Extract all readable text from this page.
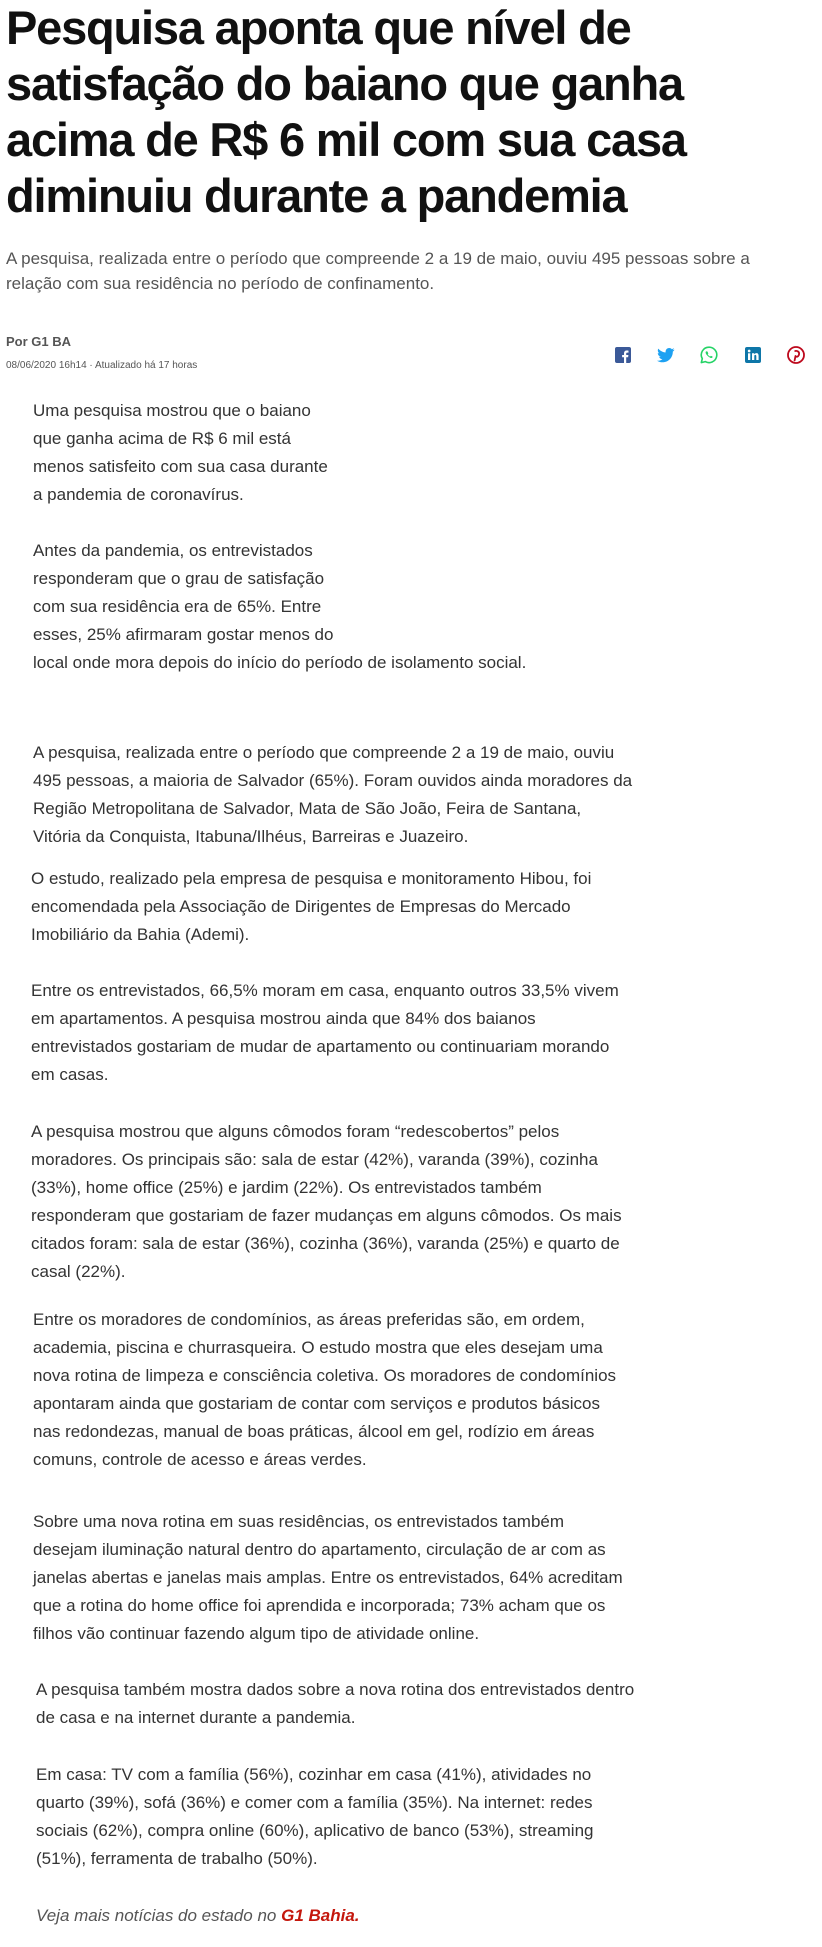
Pesquisa aponta que nível de satisfação do baiano que ganha acima de R$ 6 mil com sua casa diminuiu durante a pandemia

A pesquisa, realizada entre o período que compreende 2 a 19 de maio, ouviu 495 pessoas sobre a relação com sua residência no período de confinamento.

Por G1 BA
08/06/2020 16h14 · Atualizado há 17 horas

Uma pesquisa mostrou que o baiano que ganha acima de R$ 6 mil está menos satisfeito com sua casa durante a pandemia de coronavírus.

Antes da pandemia, os entrevistados responderam que o grau de satisfação com sua residência era de 65%. Entre esses, 25% afirmaram gostar menos do local onde mora depois do início do período de isolamento social.

A pesquisa, realizada entre o período que compreende 2 a 19 de maio, ouviu 495 pessoas, a maioria de Salvador (65%). Foram ouvidos ainda moradores da Região Metropolitana de Salvador, Mata de São João, Feira de Santana, Vitória da Conquista, Itabuna/Ilhéus, Barreiras e Juazeiro.

O estudo, realizado pela empresa de pesquisa e monitoramento Hibou, foi encomendada pela Associação de Dirigentes de Empresas do Mercado Imobiliário da Bahia (Ademi).

Entre os entrevistados, 66,5% moram em casa, enquanto outros 33,5% vivem em apartamentos. A pesquisa mostrou ainda que 84% dos baianos entrevistados gostariam de mudar de apartamento ou continuariam morando em casas.

A pesquisa mostrou que alguns cômodos foram “redescobertos” pelos moradores. Os principais são: sala de estar (42%), varanda (39%), cozinha (33%), home office (25%) e jardim (22%). Os entrevistados também responderam que gostariam de fazer mudanças em alguns cômodos. Os mais citados foram: sala de estar (36%), cozinha (36%), varanda (25%) e quarto de casal (22%).

Entre os moradores de condomínios, as áreas preferidas são, em ordem, academia, piscina e churrasqueira. O estudo mostra que eles desejam uma nova rotina de limpeza e consciência coletiva. Os moradores de condomínios apontaram ainda que gostariam de contar com serviços e produtos básicos nas redondezas, manual de boas práticas, álcool em gel, rodízio em áreas comuns, controle de acesso e áreas verdes.

Sobre uma nova rotina em suas residências, os entrevistados também desejam iluminação natural dentro do apartamento, circulação de ar com as janelas abertas e janelas mais amplas. Entre os entrevistados, 64% acreditam que a rotina do home office foi aprendida e incorporada; 73% acham que os filhos vão continuar fazendo algum tipo de atividade online.

A pesquisa também mostra dados sobre a nova rotina dos entrevistados dentro de casa e na internet durante a pandemia.

Em casa: TV com a família (56%), cozinhar em casa (41%), atividades no quarto (39%), sofá (36%) e comer com a família (35%). Na internet: redes sociais (62%), compra online (60%), aplicativo de banco (53%), streaming (51%), ferramenta de trabalho (50%).

Veja mais notícias do estado no G1 Bahia.
